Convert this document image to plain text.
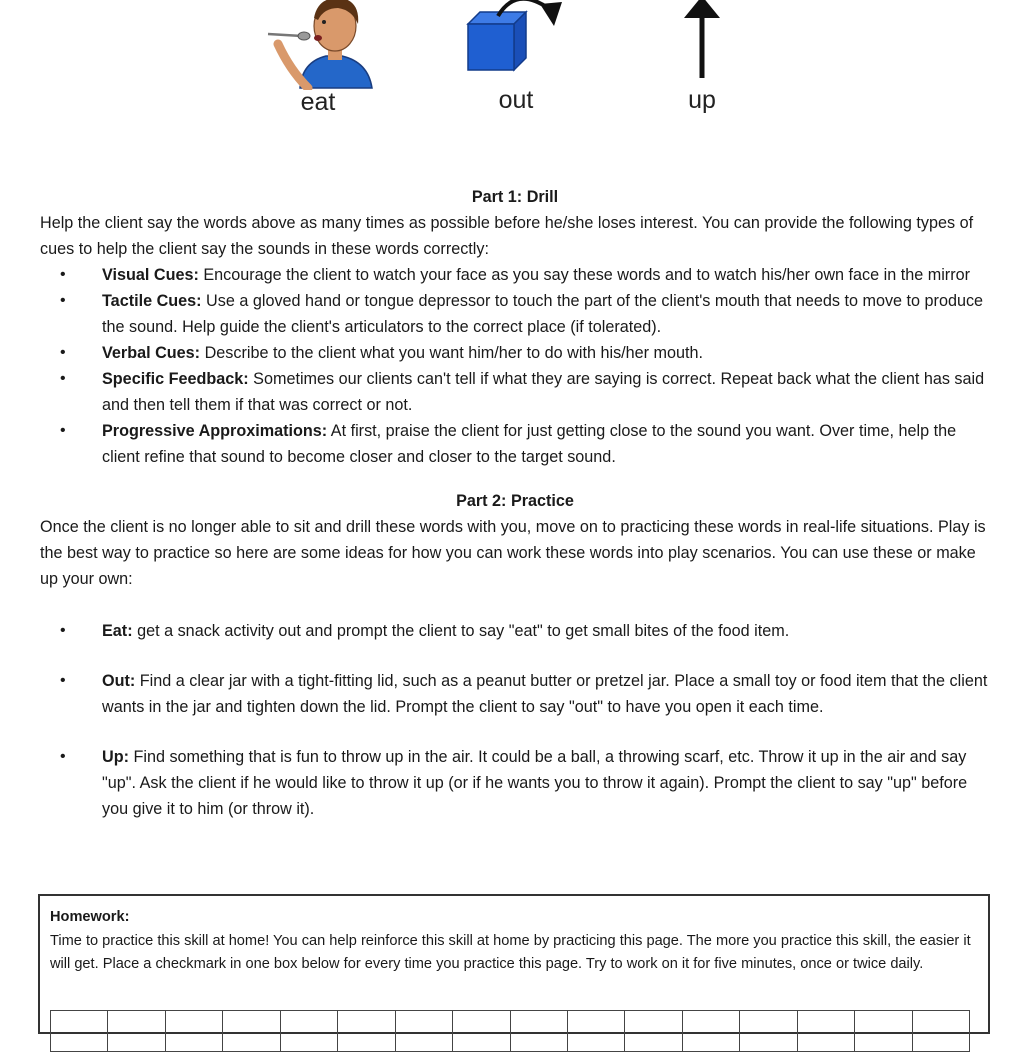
eat	out	up

Part 1: Drill

Help the client say the words above as many times as possible before he/she loses interest. You can provide the following types of cues to help the client say the sounds in these words correctly:

• Visual Cues: Encourage the client to watch your face as you say these words and to watch his/her own face in the mirror
• Tactile Cues: Use a gloved hand or tongue depressor to touch the part of the client's mouth that needs to move to produce the sound. Help guide the client's articulators to the correct place (if tolerated).
• Verbal Cues: Describe to the client what you want him/her to do with his/her mouth.
• Specific Feedback: Sometimes our clients can't tell if what they are saying is correct. Repeat back what the client has said and then tell them if that was correct or not.
• Progressive Approximations: At first, praise the client for just getting close to the sound you want. Over time, help the client refine that sound to become closer and closer to the target sound.

Part 2: Practice

Once the client is no longer able to sit and drill these words with you, move on to practicing these words in real-life situations. Play is the best way to practice so here are some ideas for how you can work these words into play scenarios. You can use these or make up your own:

• Eat: get a snack activity out and prompt the client to say "eat" to get small bites of the food item.
• Out: Find a clear jar with a tight-fitting lid, such as a peanut butter or pretzel jar. Place a small toy or food item that the client wants in the jar and tighten down the lid. Prompt the client to say "out" to have you open it each time.
• Up: Find something that is fun to throw up in the air. It could be a ball, a throwing scarf, etc. Throw it up in the air and say "up". Ask the client if he would like to throw it up (or if he wants you to throw it again). Prompt the client to say "up" before you give it to him (or throw it).
Homework:
Time to practice this skill at home! You can help reinforce this skill at home by practicing this page. The more you practice this skill, the easier it will get. Place a checkmark in one box below for every time you practice this page. Try to work on it for five minutes, once or twice daily.
